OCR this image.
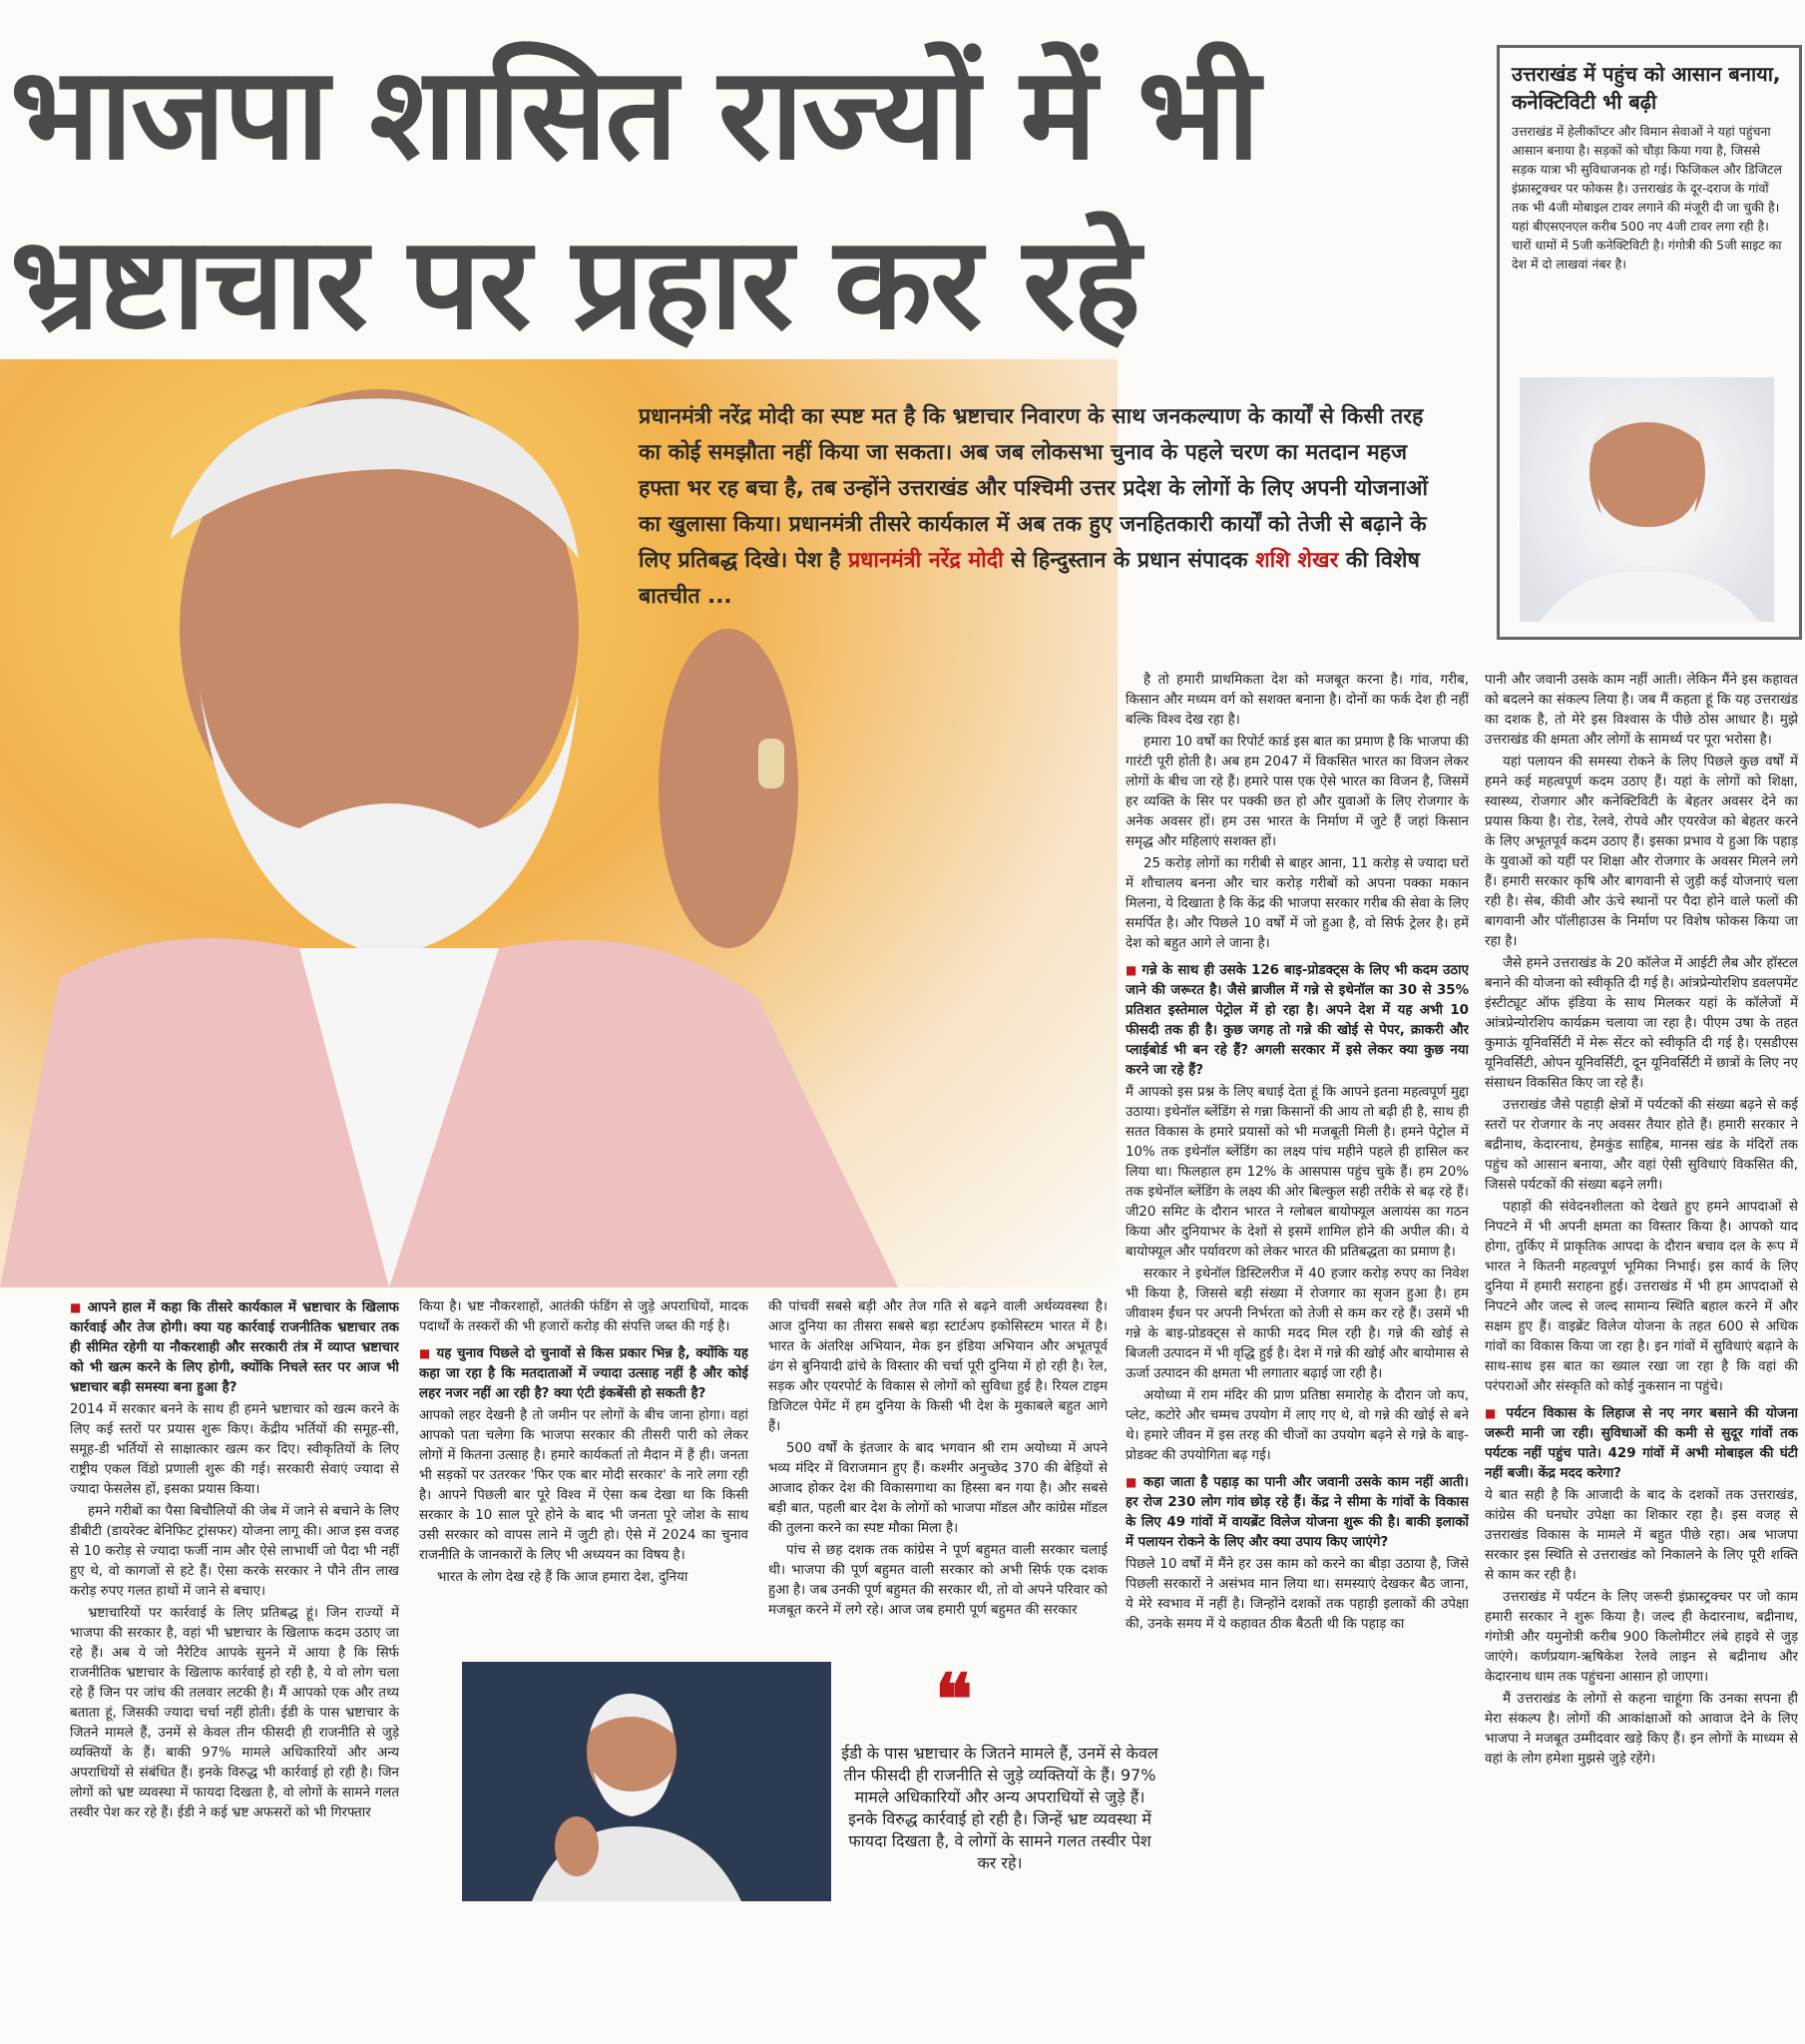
भाजपा शासित राज्यों में भी
भ्रष्टाचार पर प्रहार कर रहे

प्रधानमंत्री नरेंद्र मोदी का स्पष्ट मत है कि भ्रष्टाचार निवारण के साथ जनकल्याण के कार्यों से किसी तरह का कोई समझौता नहीं किया जा सकता। अब जब लोकसभा चुनाव के पहले चरण का मतदान महज हफ्ता भर रह बचा है, तब उन्होंने उत्तराखंड और पश्चिमी उत्तर प्रदेश के लोगों के लिए अपनी योजनाओं का खुलासा किया। प्रधानमंत्री तीसरे कार्यकाल में अब तक हुए जनहितकारी कार्यों को तेजी से बढ़ाने के लिए प्रतिबद्ध दिखे। पेश है प्रधानमंत्री नरेंद्र मोदी से हिन्दुस्तान के प्रधान संपादक शशि शेखर की विशेष बातचीत ...

उत्तराखंड में पहुंच को आसान बनाया, कनेक्टिविटी भी बढ़ी

उत्तराखंड में हेलीकॉप्टर और विमान सेवाओं ने यहां पहुंचना आसान बनाया है। सड़कों को चौड़ा किया गया है, जिससे सड़क यात्रा भी सुविधाजनक हो गई। फिजिकल और डिजिटल इंफ्रास्ट्रक्चर पर फोकस है। उत्तराखंड के दूर-दराज के गांवों तक भी 4जी मोबाइल टावर लगाने की मंजूरी दी जा चुकी है। यहां बीएसएनएल करीब 500 नए 4जी टावर लगा रही है। चारों धामों में 5जी कनेक्टिविटी है। गंगोत्री की 5जी साइट का देश में दो लाखवां नंबर है।

है तो हमारी प्राथमिकता देश को मजबूत करना है। गांव, गरीब, किसान और मध्यम वर्ग को सशक्त बनाना है। दोनों का फर्क देश ही नहीं बल्कि विश्व देख रहा है।

हमारा 10 वर्षों का रिपोर्ट कार्ड इस बात का प्रमाण है कि भाजपा की गारंटी पूरी होती है। अब हम 2047 में विकसित भारत का विजन लेकर लोगों के बीच जा रहे हैं। हमारे पास एक ऐसे भारत का विजन है, जिसमें हर व्यक्ति के सिर पर पक्की छत हो और युवाओं के लिए रोजगार के अनेक अवसर हों। हम उस भारत के निर्माण में जुटे हैं जहां किसान समृद्ध और महिलाएं सशक्त हों।

25 करोड़ लोगों का गरीबी से बाहर आना, 11 करोड़ से ज्यादा घरों में शौचालय बनना और चार करोड़ गरीबों को अपना पक्का मकान मिलना, ये दिखाता है कि केंद्र की भाजपा सरकार गरीब की सेवा के लिए समर्पित है। और पिछले 10 वर्षों में जो हुआ है, वो सिर्फ ट्रेलर है। हमें देश को बहुत आगे ले जाना है।

■ गन्ने के साथ ही उसके 126 बाइ-प्रोडक्ट्स के लिए भी कदम उठाए जाने की जरूरत है। जैसे ब्राजील में गन्ने से इथेनॉल का 30 से 35% प्रतिशत इस्तेमाल पेट्रोल में हो रहा है। अपने देश में यह अभी 10 फीसदी तक ही है। कुछ जगह तो गन्ने की खोई से पेपर, क्राकरी और प्लाईबोर्ड भी बन रहे हैं? अगली सरकार में इसे लेकर क्या कुछ नया करने जा रहे हैं?

मैं आपको इस प्रश्न के लिए बधाई देता हूं कि आपने इतना महत्वपूर्ण मुद्दा उठाया। इथेनॉल ब्लेंडिंग से गन्ना किसानों की आय तो बढ़ी ही है, साथ ही सतत विकास के हमारे प्रयासों को भी मजबूती मिली है। हमने पेट्रोल में 10% तक इथेनॉल ब्लेंडिंग का लक्ष्य पांच महीने पहले ही हासिल कर लिया था। फिलहाल हम 12% के आसपास पहुंच चुके हैं। हम 20% तक इथेनॉल ब्लेंडिंग के लक्ष्य की ओर बिल्कुल सही तरीके से बढ़ रहे हैं। जी20 समिट के दौरान भारत ने ग्लोबल बायोफ्यूल अलायंस का गठन किया और दुनियाभर के देशों से इसमें शामिल होने की अपील की। ये बायोफ्यूल और पर्यावरण को लेकर भारत की प्रतिबद्धता का प्रमाण है।

सरकार ने इथेनॉल डिस्टिलरीज में 40 हजार करोड़ रुपए का निवेश भी किया है, जिससे बड़ी संख्या में रोजगार का सृजन हुआ है। हम जीवाश्म ईंधन पर अपनी निर्भरता को तेजी से कम कर रहे हैं। उसमें भी गन्ने के बाइ-प्रोडक्ट्स से काफी मदद मिल रही है। गन्ने की खोई से बिजली उत्पादन में भी वृद्धि हुई है। देश में गन्ने की खोई और बायोमास से ऊर्जा उत्पादन की क्षमता भी लगातार बढ़ाई जा रही है।

अयोध्या में राम मंदिर की प्राण प्रतिष्ठा समारोह के दौरान जो कप, प्लेट, कटोरे और चम्मच उपयोग में लाए गए थे, वो गन्ने की खोई से बने थे। हमारे जीवन में इस तरह की चीजों का उपयोग बढ़ने से गन्ने के बाइ-प्रोडक्ट की उपयोगिता बढ़ गई।

■ कहा जाता है पहाड़ का पानी और जवानी उसके काम नहीं आती। हर रोज 230 लोग गांव छोड़ रहे हैं। केंद्र ने सीमा के गांवों के विकास के लिए 49 गांवों में वायब्रेंट विलेज योजना शुरू की है। बाकी इलाकों में पलायन रोकने के लिए और क्या उपाय किए जाएंगे?

पिछले 10 वर्षों में मैंने हर उस काम को करने का बीड़ा उठाया है, जिसे पिछली सरकारों ने असंभव मान लिया था। समस्याएं देखकर बैठ जाना, ये मेरे स्वभाव में नहीं है। जिन्होंने दशकों तक पहाड़ी इलाकों की उपेक्षा की, उनके समय में ये कहावत ठीक बैठती थी कि पहाड़ का

पानी और जवानी उसके काम नहीं आती। लेकिन मैंने इस कहावत को बदलने का संकल्प लिया है। जब मैं कहता हूं कि यह उत्तराखंड का दशक है, तो मेरे इस विश्वास के पीछे ठोस आधार है। मुझे उत्तराखंड की क्षमता और लोगों के सामर्थ्य पर पूरा भरोसा है।

यहां पलायन की समस्या रोकने के लिए पिछले कुछ वर्षों में हमने कई महत्वपूर्ण कदम उठाए हैं। यहां के लोगों को शिक्षा, स्वास्थ्य, रोजगार और कनेक्टिविटी के बेहतर अवसर देने का प्रयास किया है। रोड, रेलवे, रोपवे और एयरवेज को बेहतर करने के लिए अभूतपूर्व कदम उठाए हैं। इसका प्रभाव ये हुआ कि पहाड़ के युवाओं को यहीं पर शिक्षा और रोजगार के अवसर मिलने लगे हैं। हमारी सरकार कृषि और बागवानी से जुड़ी कई योजनाएं चला रही है। सेब, कीवी और ऊंचे स्थानों पर पैदा होने वाले फलों की बागवानी और पॉलीहाउस के निर्माण पर विशेष फोकस किया जा रहा है।

जैसे हमने उत्तराखंड के 20 कॉलेज में आईटी लैब और हॉस्टल बनाने की योजना को स्वीकृति दी गई है। आंत्रप्रेन्योरशिप डवलपमेंट इंस्टीट्यूट ऑफ इंडिया के साथ मिलकर यहां के कॉलेजों में आंत्रप्रेन्योरशिप कार्यक्रम चलाया जा रहा है। पीएम उषा के तहत कुमाऊं यूनिवर्सिटी में मेरू सेंटर को स्वीकृति दी गई है। एसडीएस यूनिवर्सिटी, ओपन यूनिवर्सिटी, दून यूनिवर्सिटी में छात्रों के लिए नए संसाधन विकसित किए जा रहे हैं।

उत्तराखंड जैसे पहाड़ी क्षेत्रों में पर्यटकों की संख्या बढ़ने से कई स्तरों पर रोजगार के नए अवसर तैयार होते हैं। हमारी सरकार ने बद्रीनाथ, केदारनाथ, हेमकुंड साहिब, मानस खंड के मंदिरों तक पहुंच को आसान बनाया, और वहां ऐसी सुविधाएं विकसित की, जिससे पर्यटकों की संख्या बढ़ने लगी।

पहाड़ों की संवेदनशीलता को देखते हुए हमने आपदाओं से निपटने में भी अपनी क्षमता का विस्तार किया है। आपको याद होगा, तुर्किए में प्राकृतिक आपदा के दौरान बचाव दल के रूप में भारत ने कितनी महत्वपूर्ण भूमिका निभाई। इस कार्य के लिए दुनिया में हमारी सराहना हुई। उत्तराखंड में भी हम आपदाओं से निपटने और जल्द से जल्द सामान्य स्थिति बहाल करने में और सक्षम हुए हैं। वाइब्रेंट विलेज योजना के तहत 600 से अधिक गांवों का विकास किया जा रहा है। इन गांवों में सुविधाएं बढ़ाने के साथ-साथ इस बात का ख्याल रखा जा रहा है कि वहां की परंपराओं और संस्कृति को कोई नुकसान ना पहुंचे।

■ पर्यटन विकास के लिहाज से नए नगर बसाने की योजना जरूरी मानी जा रही। सुविधाओं की कमी से सुदूर गांवों तक पर्यटक नहीं पहुंच पाते। 429 गांवों में अभी मोबाइल की घंटी नहीं बजी। केंद्र मदद करेगा?

ये बात सही है कि आजादी के बाद के दशकों तक उत्तराखंड, कांग्रेस की घनघोर उपेक्षा का शिकार रहा है। इस वजह से उत्तराखंड विकास के मामले में बहुत पीछे रहा। अब भाजपा सरकार इस स्थिति से उत्तराखंड को निकालने के लिए पूरी शक्ति से काम कर रही है।

उत्तराखंड में पर्यटन के लिए जरूरी इंफ्रास्ट्रक्चर पर जो काम हमारी सरकार ने शुरू किया है। जल्द ही केदारनाथ, बद्रीनाथ, गंगोत्री और यमुनोत्री करीब 900 किलोमीटर लंबे हाइवे से जुड़ जाएंगे। कर्णप्रयाग-ऋषिकेश रेलवे लाइन से बद्रीनाथ और केदारनाथ धाम तक पहुंचना आसान हो जाएगा।

मैं उत्तराखंड के लोगों से कहना चाहूंगा कि उनका सपना ही मेरा संकल्प है। लोगों की आकांक्षाओं को आवाज देने के लिए भाजपा ने मजबूत उम्मीदवार खड़े किए हैं। इन लोगों के माध्यम से वहां के लोग हमेशा मुझसे जुड़े रहेंगे।

■ आपने हाल में कहा कि तीसरे कार्यकाल में भ्रष्टाचार के खिलाफ कार्रवाई और तेज होगी। क्या यह कार्रवाई राजनीतिक भ्रष्टाचार तक ही सीमित रहेगी या नौकरशाही और सरकारी तंत्र में व्याप्त भ्रष्टाचार को भी खत्म करने के लिए होगी, क्योंकि निचले स्तर पर आज भी भ्रष्टाचार बड़ी समस्या बना हुआ है?

2014 में सरकार बनने के साथ ही हमने भ्रष्टाचार को खत्म करने के लिए कई स्तरों पर प्रयास शुरू किए। केंद्रीय भर्तियों की समूह-सी, समूह-डी भर्तियों से साक्षात्कार खत्म कर दिए। स्वीकृतियों के लिए राष्ट्रीय एकल विंडो प्रणाली शुरू की गई। सरकारी सेवाएं ज्यादा से ज्यादा फेसलेस हों, इसका प्रयास किया।

हमने गरीबों का पैसा बिचौलियों की जेब में जाने से बचाने के लिए डीबीटी (डायरेक्ट बेनिफिट ट्रांसफर) योजना लागू की। आज इस वजह से 10 करोड़ से ज्यादा फर्जी नाम और ऐसे लाभार्थी जो पैदा भी नहीं हुए थे, वो कागजों से हटे हैं। ऐसा करके सरकार ने पौने तीन लाख करोड़ रुपए गलत हाथों में जाने से बचाए।

भ्रष्टाचारियों पर कार्रवाई के लिए प्रतिबद्ध हूं। जिन राज्यों में भाजपा की सरकार है, वहां भी भ्रष्टाचार के खिलाफ कदम उठाए जा रहे हैं। अब ये जो नैरेटिव आपके सुनने में आया है कि सिर्फ राजनीतिक भ्रष्टाचार के खिलाफ कार्रवाई हो रही है, ये वो लोग चला रहे हैं जिन पर जांच की तलवार लटकी है। मैं आपको एक और तथ्य बताता हूं, जिसकी ज्यादा चर्चा नहीं होती। ईडी के पास भ्रष्टाचार के जितने मामले हैं, उनमें से केवल तीन फीसदी ही राजनीति से जुड़े व्यक्तियों के हैं। बाकी 97% मामले अधिकारियों और अन्य अपराधियों से संबंधित हैं। इनके विरुद्ध भी कार्रवाई हो रही है। जिन लोगों को भ्रष्ट व्यवस्था में फायदा दिखता है, वो लोगों के सामने गलत तस्वीर पेश कर रहे हैं। ईडी ने कई भ्रष्ट अफसरों को भी गिरफ्तार

किया है। भ्रष्ट नौकरशाहों, आतंकी फंडिंग से जुड़े अपराधियों, मादक पदार्थों के तस्करों की भी हजारों करोड़ की संपत्ति जब्त की गई है।

■ यह चुनाव पिछले दो चुनावों से किस प्रकार भिन्न है, क्योंकि यह कहा जा रहा है कि मतदाताओं में ज्यादा उत्साह नहीं है और कोई लहर नजर नहीं आ रही है? क्या एंटी इंकबेंसी हो सकती है?

आपको लहर देखनी है तो जमीन पर लोगों के बीच जाना होगा। वहां आपको पता चलेगा कि भाजपा सरकार की तीसरी पारी को लेकर लोगों में कितना उत्साह है। हमारे कार्यकर्ता तो मैदान में हैं ही। जनता भी सड़कों पर उतरकर 'फिर एक बार मोदी सरकार' के नारे लगा रही है। आपने पिछली बार पूरे विश्व में ऐसा कब देखा था कि किसी सरकार के 10 साल पूरे होने के बाद भी जनता पूरे जोश के साथ उसी सरकार को वापस लाने में जुटी हो। ऐसे में 2024 का चुनाव राजनीति के जानकारों के लिए भी अध्ययन का विषय है।

भारत के लोग देख रहे हैं कि आज हमारा देश, दुनिया

की पांचवीं सबसे बड़ी और तेज गति से बढ़ने वाली अर्थव्यवस्था है। आज दुनिया का तीसरा सबसे बड़ा स्टार्टअप इकोसिस्टम भारत में है। भारत के अंतरिक्ष अभियान, मेक इन इंडिया अभियान और अभूतपूर्व ढंग से बुनियादी ढांचे के विस्तार की चर्चा पूरी दुनिया में हो रही है। रेल, सड़क और एयरपोर्ट के विकास से लोगों को सुविधा हुई है। रियल टाइम डिजिटल पेमेंट में हम दुनिया के किसी भी देश के मुकाबले बहुत आगे हैं।

500 वर्षों के इंतजार के बाद भगवान श्री राम अयोध्या में अपने भव्य मंदिर में विराजमान हुए हैं। कश्मीर अनुच्छेद 370 की बेड़ियों से आजाद होकर देश की विकासगाथा का हिस्सा बन गया है। और सबसे बड़ी बात, पहली बार देश के लोगों को भाजपा मॉडल और कांग्रेस मॉडल की तुलना करने का स्पष्ट मौका मिला है।

पांच से छह दशक तक कांग्रेस ने पूर्ण बहुमत वाली सरकार चलाई थी। भाजपा की पूर्ण बहुमत वाली सरकार को अभी सिर्फ एक दशक हुआ है। जब उनकी पूर्ण बहुमत की सरकार थी, तो वो अपने परिवार को मजबूत करने में लगे रहे। आज जब हमारी पूर्ण बहुमत की सरकार

❝

ईडी के पास भ्रष्टाचार के जितने मामले हैं, उनमें से केवल तीन फीसदी ही राजनीति से जुड़े व्यक्तियों के हैं। 97% मामले अधिकारियों और अन्य अपराधियों से जुड़े हैं। इनके विरुद्ध कार्रवाई हो रही है। जिन्हें भ्रष्ट व्यवस्था में फायदा दिखता है, वे लोगों के सामने गलत तस्वीर पेश कर रहे।
